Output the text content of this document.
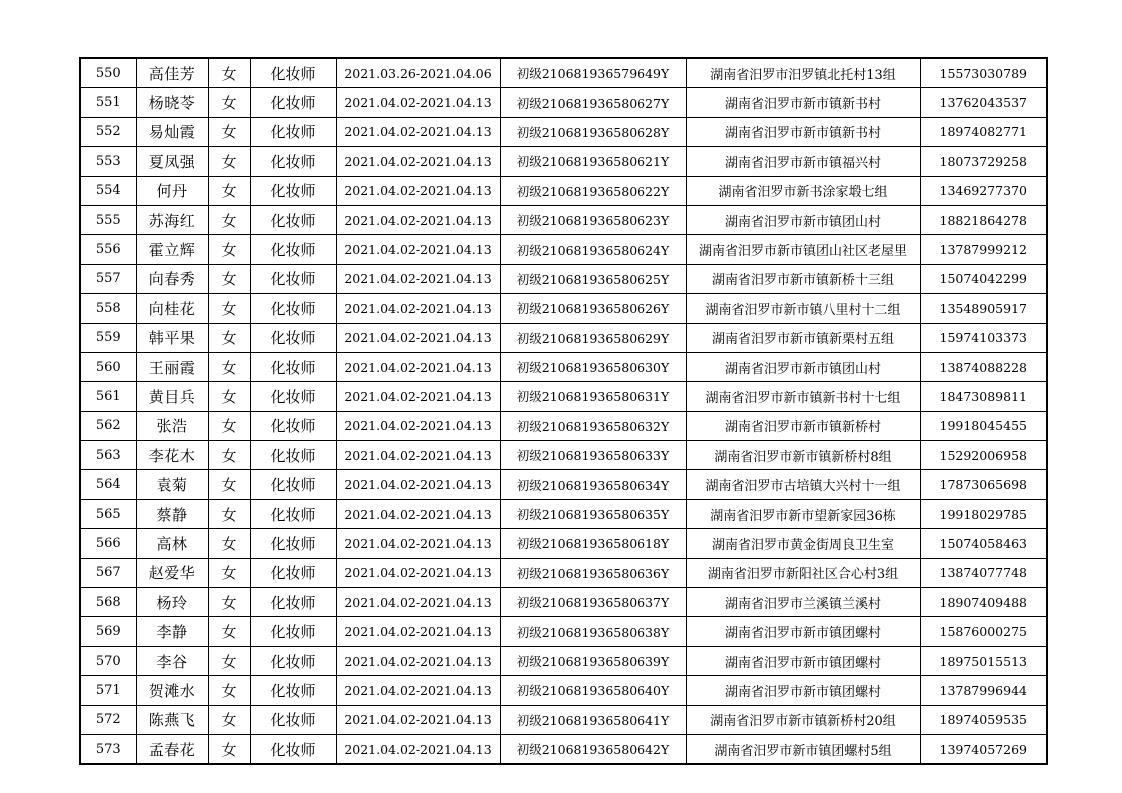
550	高佳芳	女	化妆师	2021.03.26-2021.04.06	初级210681936579649Y	湖南省汨罗市汨罗镇北托村13组	15573030789
551	杨晓苓	女	化妆师	2021.04.02-2021.04.13	初级210681936580627Y	湖南省汨罗市新市镇新书村	13762043537
552	易灿霞	女	化妆师	2021.04.02-2021.04.13	初级210681936580628Y	湖南省汨罗市新市镇新书村	18974082771
553	夏凤强	女	化妆师	2021.04.02-2021.04.13	初级210681936580621Y	湖南省汨罗市新市镇福兴村	18073729258
554	何丹	女	化妆师	2021.04.02-2021.04.13	初级210681936580622Y	湖南省汨罗市新书涂家塅七组	13469277370
555	苏海红	女	化妆师	2021.04.02-2021.04.13	初级210681936580623Y	湖南省汨罗市新市镇团山村	18821864278
556	霍立辉	女	化妆师	2021.04.02-2021.04.13	初级210681936580624Y	湖南省汨罗市新市镇团山社区老屋里	13787999212
557	向春秀	女	化妆师	2021.04.02-2021.04.13	初级210681936580625Y	湖南省汨罗市新市镇新桥十三组	15074042299
558	向桂花	女	化妆师	2021.04.02-2021.04.13	初级210681936580626Y	湖南省汨罗市新市镇八里村十二组	13548905917
559	韩平果	女	化妆师	2021.04.02-2021.04.13	初级210681936580629Y	湖南省汨罗市新市镇新栗村五组	15974103373
560	王丽霞	女	化妆师	2021.04.02-2021.04.13	初级210681936580630Y	湖南省汨罗市新市镇团山村	13874088228
561	黄目兵	女	化妆师	2021.04.02-2021.04.13	初级210681936580631Y	湖南省汨罗市新市镇新书村十七组	18473089811
562	张浩	女	化妆师	2021.04.02-2021.04.13	初级210681936580632Y	湖南省汨罗市新市镇新桥村	19918045455
563	李花木	女	化妆师	2021.04.02-2021.04.13	初级210681936580633Y	湖南省汨罗市新市镇新桥村8组	15292006958
564	袁菊	女	化妆师	2021.04.02-2021.04.13	初级210681936580634Y	湖南省汨罗市古培镇大兴村十一组	17873065698
565	蔡静	女	化妆师	2021.04.02-2021.04.13	初级210681936580635Y	湖南省汨罗市新市望新家园36栋	19918029785
566	高林	女	化妆师	2021.04.02-2021.04.13	初级210681936580618Y	湖南省汨罗市黄金街周良卫生室	15074058463
567	赵爱华	女	化妆师	2021.04.02-2021.04.13	初级210681936580636Y	湖南省汨罗市新阳社区合心村3组	13874077748
568	杨玲	女	化妆师	2021.04.02-2021.04.13	初级210681936580637Y	湖南省汨罗市兰溪镇兰溪村	18907409488
569	李静	女	化妆师	2021.04.02-2021.04.13	初级210681936580638Y	湖南省汨罗市新市镇团螺村	15876000275
570	李谷	女	化妆师	2021.04.02-2021.04.13	初级210681936580639Y	湖南省汨罗市新市镇团螺村	18975015513
571	贺滩水	女	化妆师	2021.04.02-2021.04.13	初级210681936580640Y	湖南省汨罗市新市镇团螺村	13787996944
572	陈燕飞	女	化妆师	2021.04.02-2021.04.13	初级210681936580641Y	湖南省汨罗市新市镇新桥村20组	18974059535
573	孟春花	女	化妆师	2021.04.02-2021.04.13	初级210681936580642Y	湖南省汨罗市新市镇团螺村5组	13974057269
